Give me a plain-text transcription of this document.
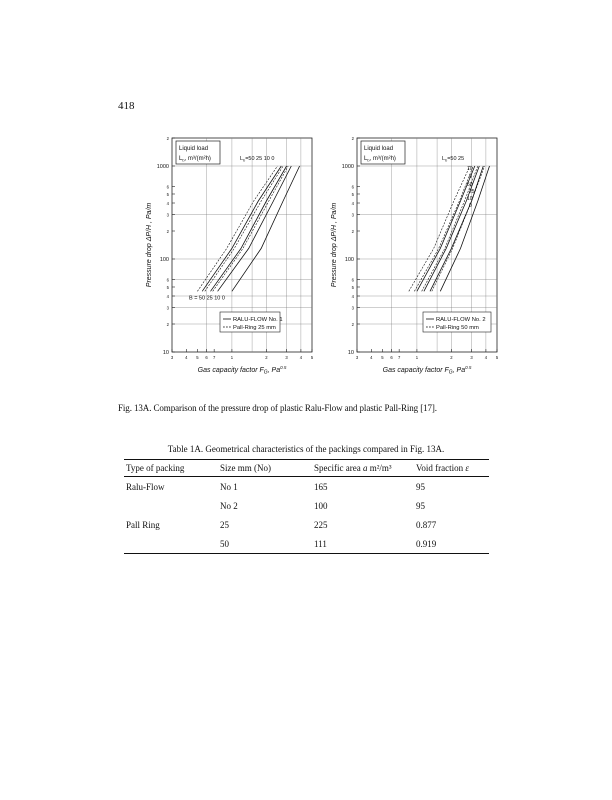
418
2
1000
6
5
4
3
2
100
6
5
4
3
2
10
3	4 5 6 7	1	2	3	4 5
Pressure drop ΔP/H , Pa/m
Gas capacity factor $F_G$, $Pa^{0.5}$
Liquid load
$L_b$, m³/(m²h)	$L_b=50$ 25 10 0
B = 50 25 10 0
RALU-FLOW No. 1
Pall-Ring 25 mm
2
1000
6
5
4
3
2
100
6
5
4
3
2
10
3	4 5 6 7	1	2	3	4 5
Pressure drop ΔP/H , Pa/m
Gas capacity factor $F_G$, $Pa^{0.5}$
Liquid load
$L_b$, m³/(m²h)	$L_b=50$ 25
10
0
50
25
10
0
RALU-FLOW No. 2
Pall-Ring 50 mm
Fig. 13A. Comparison of the pressure drop of plastic Ralu-Flow and plastic Pall-Ring [17].
Table 1A. Geometrical characteristics of the packings compared in Fig. 13A.
Type of packing	Size mm (No)	Specific area a m²/m³	Void fraction ε
Ralu-Flow	No 1	165	95
	No 2	100	95
Pall Ring	25	225	0.877
	50	111	0.919
